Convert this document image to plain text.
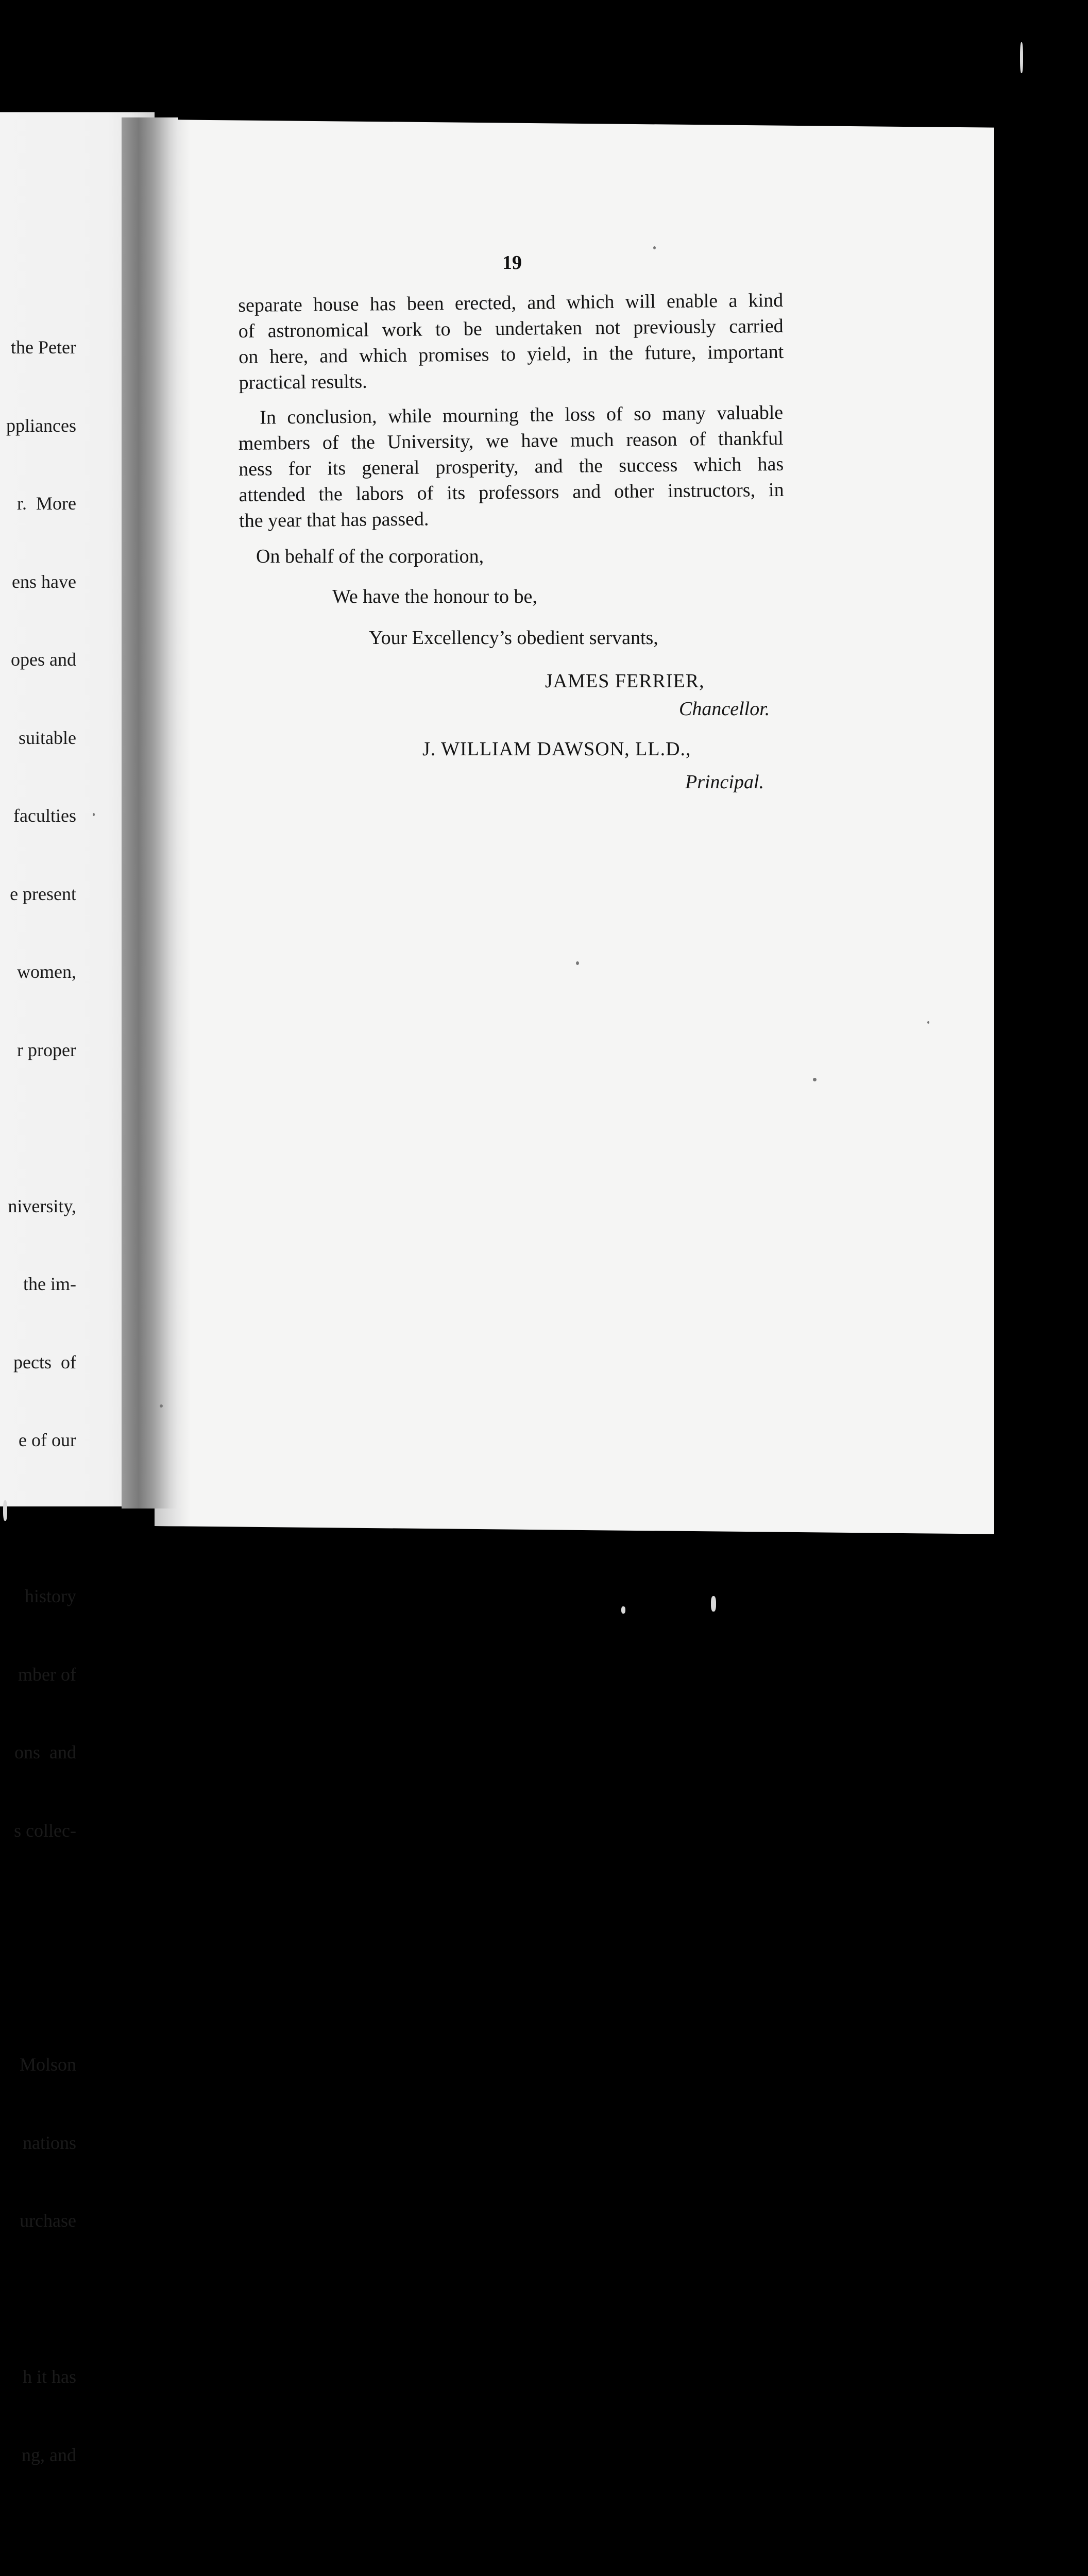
the Peter

ppliances

r.  More

ens have

opes and

suitable

faculties

e present

women,

r proper

niversity,

the im-

pects  of

e of our

history

mber of

ons  and

s collec-

Molson

nations

urchase

h it has

ng, and

19
separate house has been erected, and which will enable a kind
of astronomical work to be undertaken not previously carried
on here, and which promises to yield, in the future, important
practical results.
In conclusion, while mourning the loss of so many valuable
members of the University, we have much reason of thankful
ness for its general prosperity, and the success which has
attended the labors of its professors and other instructors, in
the year that has passed.
On behalf of the corporation,
We have the honour to be,
Your Excellency’s obedient servants,
JAMES FERRIER,
Chancellor.
J. WILLIAM DAWSON, LL.D.,
Principal.
